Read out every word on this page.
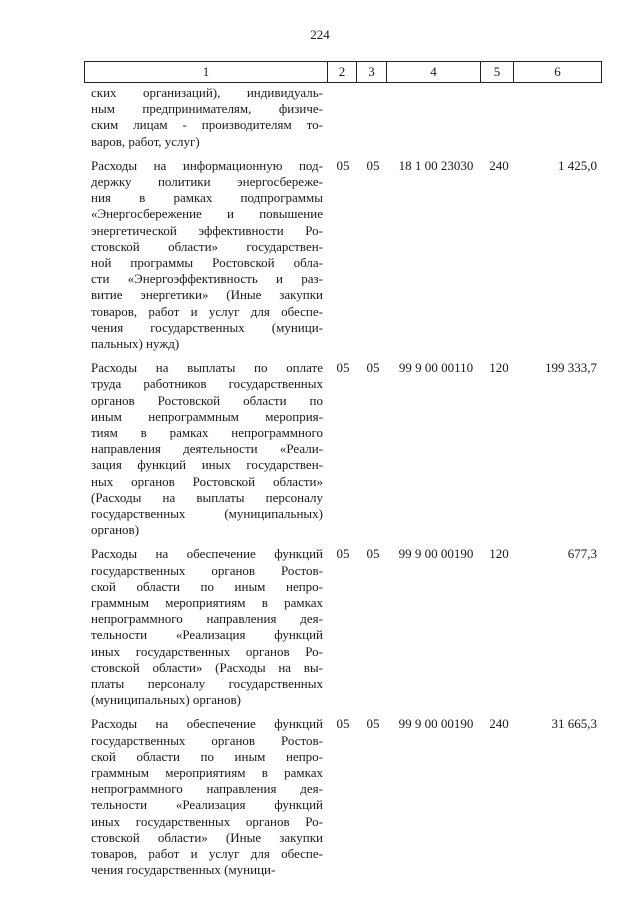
224
1	2	3	4	5	6
ских организаций), индивидуаль-
ным предпринимателям, физиче-
ским лицам - производителям то-
варов, работ, услуг)
Расходы на информационную под-
держку политики энергосбереже-
ния в рамках подпрограммы
«Энергосбережение и повышение
энергетической эффективности Ро-
стовской области» государствен-
ной программы Ростовской обла-
сти «Энергоэффективность и раз-
витие энергетики» (Иные закупки
товаров, работ и услуг для обеспе-
чения государственных (муници-
пальных) нужд)
05	05	18 1 00 23030	240	1 425,0
Расходы на выплаты по оплате
труда работников государственных
органов Ростовской области по
иным непрограммным мероприя-
тиям в рамках непрограммного
направления деятельности «Реали-
зация функций иных государствен-
ных органов Ростовской области»
(Расходы на выплаты персоналу
государственных (муниципальных)
органов)
05	05	99 9 00 00110	120	199 333,7
Расходы на обеспечение функций
государственных органов Ростов-
ской области по иным непро-
граммным мероприятиям в рамках
непрограммного направления дея-
тельности «Реализация функций
иных государственных органов Ро-
стовской области» (Расходы на вы-
платы персоналу государственных
(муниципальных) органов)
05	05	99 9 00 00190	120	677,3
Расходы на обеспечение функций
государственных органов Ростов-
ской области по иным непро-
граммным мероприятиям в рамках
непрограммного направления дея-
тельности «Реализация функций
иных государственных органов Ро-
стовской области» (Иные закупки
товаров, работ и услуг для обеспе-
чения государственных (муници-
05	05	99 9 00 00190	240	31 665,3
